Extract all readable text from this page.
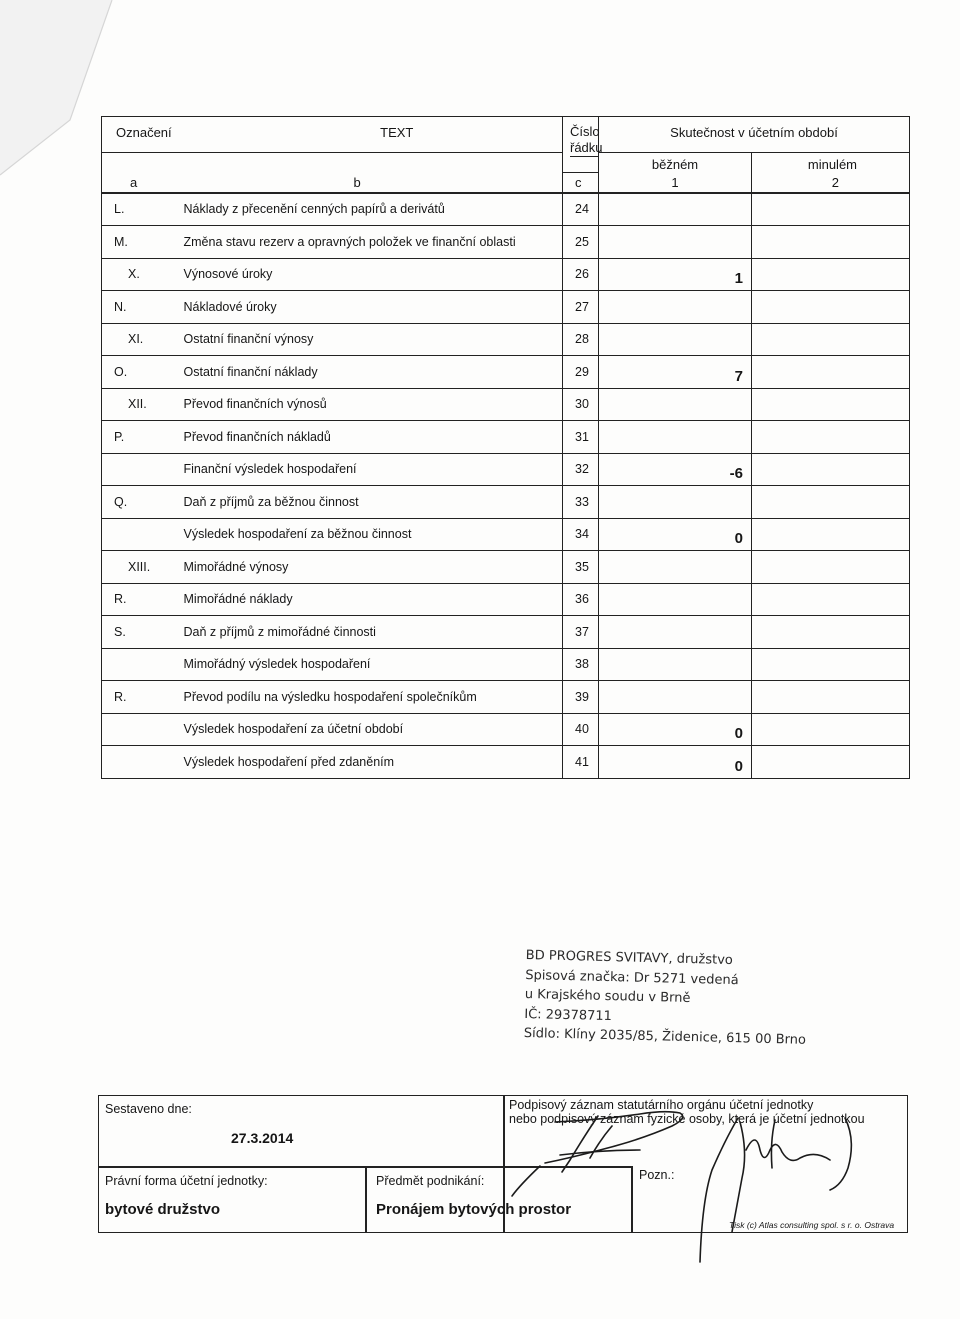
Označení	TEXT	Číslo
řádku	Skutečnost v účetním období	
			běžném	minulém
a	b	c	1	2
L.	Náklady z přecenění cenných papírů a derivátů	24		
M.	Změna stavu rezerv a opravných položek ve finanční oblasti	25		
X.	Výnosové úroky	26	1	
N.	Nákladové úroky	27		
XI.	Ostatní finanční výnosy	28		
O.	Ostatní finanční náklady	29	7	
XII.	Převod finančních výnosů	30		
P.	Převod finančních nákladů	31		
	Finanční výsledek hospodaření	32	-6	
Q.	Daň z příjmů za běžnou činnost	33		
	Výsledek hospodaření za běžnou činnost	34	0	
XIII.	Mimořádné výnosy	35		
R.	Mimořádné náklady	36		
S.	Daň z příjmů z mimořádné činnosti	37		
	Mimořádný výsledek hospodaření	38		
R.	Převod podílu na výsledku hospodaření společníkům	39		
	Výsledek hospodaření za účetní období	40	0	
	Výsledek hospodaření před zdaněním	41	0	
BD PROGRES SVITAVY, družstvo
Spisová značka: Dr 5271 vedená
u Krajského soudu v Brně
IČ: 29378711
Sídlo: Klíny 2035/85, Židenice, 615 00 Brno
Sestaveno dne:
27.3.2014
Podpisový záznam statutárního orgánu účetní jednotky
nebo podpisový záznam fyzické osoby, která je účetní jednotkou
Právní forma účetní jednotky:
bytové družstvo
Předmět podnikání:
Pronájem bytových prostor
Pozn.:
Tisk (c) Atlas consulting spol. s r. o. Ostrava
